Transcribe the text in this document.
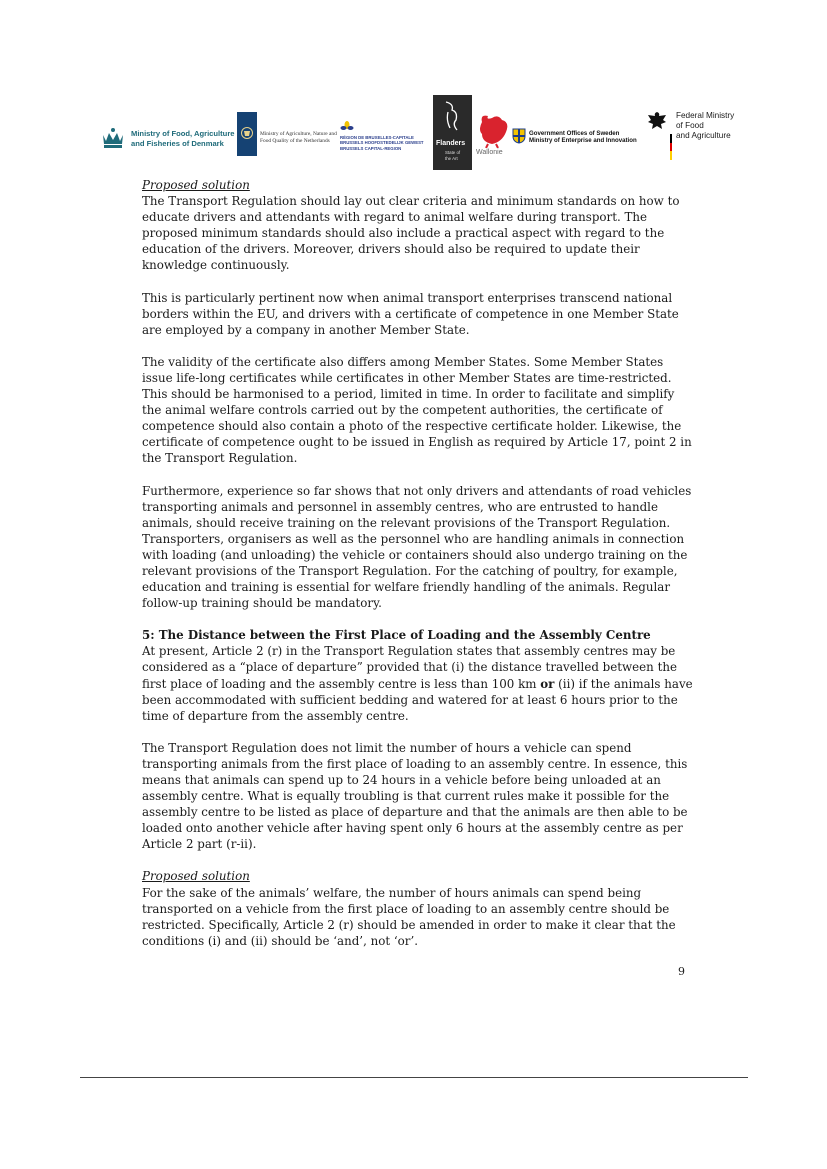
Ministry of Food, Agriculture
and Fisheries of Denmark
Ministry of Agriculture, Nature and
Food Quality of the Netherlands
RÉGION DE BRUXELLES-CAPITALE
BRUSSELS HOOFDSTEDELIJK GEWEST
BRUSSELS CAPITAL-REGION
Flanders
State of
the Art
Wallonie
Government Offices of Sweden
Ministry of Enterprise and Innovation
Federal Ministry
of Food
and Agriculture

Proposed solution

The Transport Regulation should lay out clear criteria and minimum standards on how to educate drivers and attendants with regard to animal welfare during transport. The proposed minimum standards should also include a practical aspect with regard to the education of the drivers. Moreover, drivers should also be required to update their knowledge continuously.

This is particularly pertinent now when animal transport enterprises transcend national borders within the EU, and drivers with a certificate of competence in one Member State are employed by a company in another Member State.

The validity of the certificate also differs among Member States. Some Member States issue life-long certificates while certificates in other Member States are time-restricted. This should be harmonised to a period, limited in time. In order to facilitate and simplify the animal welfare controls carried out by the competent authorities, the certificate of competence should also contain a photo of the respective certificate holder. Likewise, the certificate of competence ought to be issued in English as required by Article 17, point 2 in the Transport Regulation.

Furthermore, experience so far shows that not only drivers and attendants of road vehicles transporting animals and personnel in assembly centres, who are entrusted to handle animals, should receive training on the relevant provisions of the Transport Regulation. Transporters, organisers as well as the personnel who are handling animals in connection with loading (and unloading) the vehicle or containers should also undergo training on the relevant provisions of the Transport Regulation. For the catching of poultry, for example, education and training is essential for welfare friendly handling of the animals. Regular follow-up training should be mandatory.

5: The Distance between the First Place of Loading and the Assembly Centre

At present, Article 2 (r) in the Transport Regulation states that assembly centres may be considered as a “place of departure” provided that (i) the distance travelled between the first place of loading and the assembly centre is less than 100 km or (ii) if the animals have been accommodated with sufficient bedding and watered for at least 6 hours prior to the time of departure from the assembly centre.

The Transport Regulation does not limit the number of hours a vehicle can spend transporting animals from the first place of loading to an assembly centre. In essence, this means that animals can spend up to 24 hours in a vehicle before being unloaded at an assembly centre. What is equally troubling is that current rules make it possible for the assembly centre to be listed as place of departure and that the animals are then able to be loaded onto another vehicle after having spent only 6 hours at the assembly centre as per Article 2 part (r-ii).

Proposed solution

For the sake of the animals’ welfare, the number of hours animals can spend being transported on a vehicle from the first place of loading to an assembly centre should be restricted. Specifically, Article 2 (r) should be amended in order to make it clear that the conditions (i) and (ii) should be ‘and’, not ‘or’.

9
